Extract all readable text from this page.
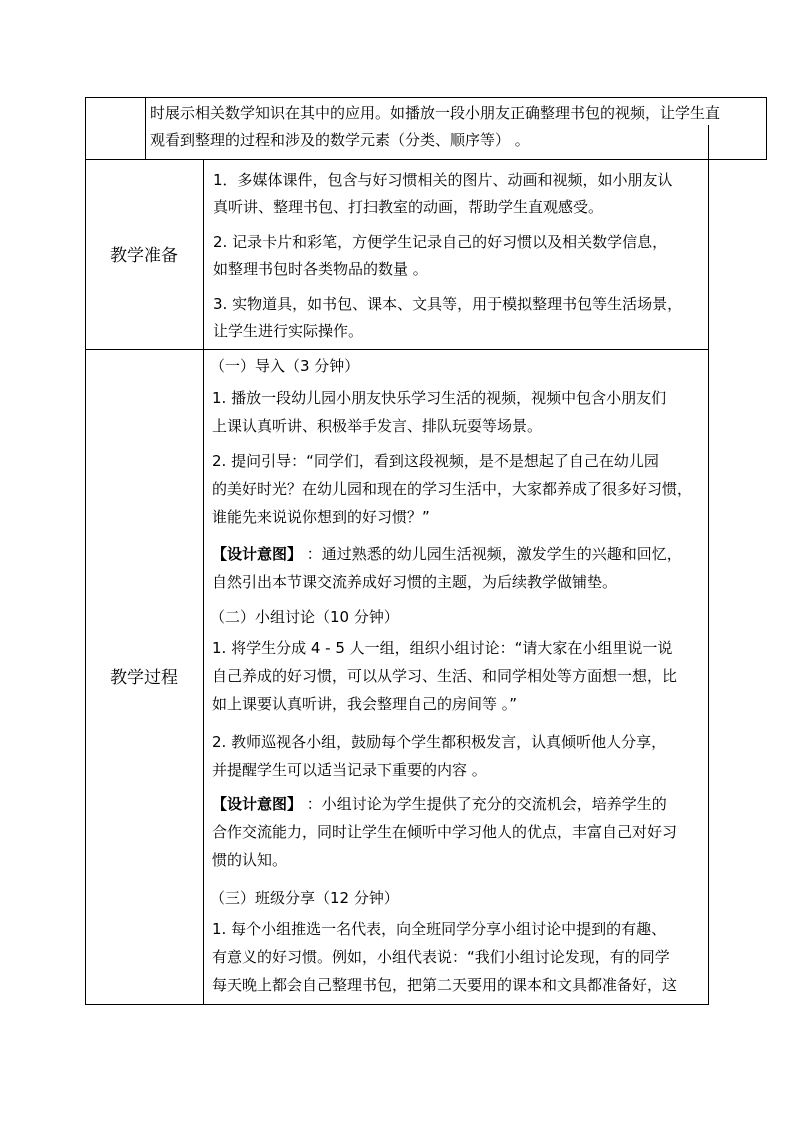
时展示相关数学知识在其中的应用。如播放一段小朋友正确整理书包的视频，让学生直
观看到整理的过程和涉及的数学元素（分类、顺序等） 。
教学准备
1．多媒体课件，包含与好习惯相关的图片、动画和视频，如小朋友认
真听讲、整理书包、打扫教室的动画，帮助学生直观感受。
2. 记录卡片和彩笔，方便学生记录自己的好习惯以及相关数学信息，
如整理书包时各类物品的数量 。
3. 实物道具，如书包、课本、文具等，用于模拟整理书包等生活场景，
让学生进行实际操作。
教学过程
（一）导入（3 分钟）
1. 播放一段幼儿园小朋友快乐学习生活的视频，视频中包含小朋友们
上课认真听讲、积极举手发言、排队玩耍等场景。
2. 提问引导：“同学们，看到这段视频，是不是想起了自己在幼儿园
的美好时光？在幼儿园和现在的学习生活中，大家都养成了很多好习惯，
谁能先来说说你想到的好习惯？”
【设计意图】 ：通过熟悉的幼儿园生活视频，激发学生的兴趣和回忆，
自然引出本节课交流养成好习惯的主题，为后续教学做铺垫。
（二）小组讨论（10 分钟）
1. 将学生分成 4 - 5 人一组，组织小组讨论：“请大家在小组里说一说
自己养成的好习惯，可以从学习、生活、和同学相处等方面想一想，比
如上课要认真听讲，我会整理自己的房间等 。”
2. 教师巡视各小组，鼓励每个学生都积极发言，认真倾听他人分享，
并提醒学生可以适当记录下重要的内容 。
【设计意图】 ：小组讨论为学生提供了充分的交流机会，培养学生的
合作交流能力，同时让学生在倾听中学习他人的优点，丰富自己对好习
惯的认知。
（三）班级分享（12 分钟）
1. 每个小组推选一名代表，向全班同学分享小组讨论中提到的有趣、
有意义的好习惯。例如，小组代表说：“我们小组讨论发现，有的同学
每天晚上都会自己整理书包，把第二天要用的课本和文具都准备好，这
